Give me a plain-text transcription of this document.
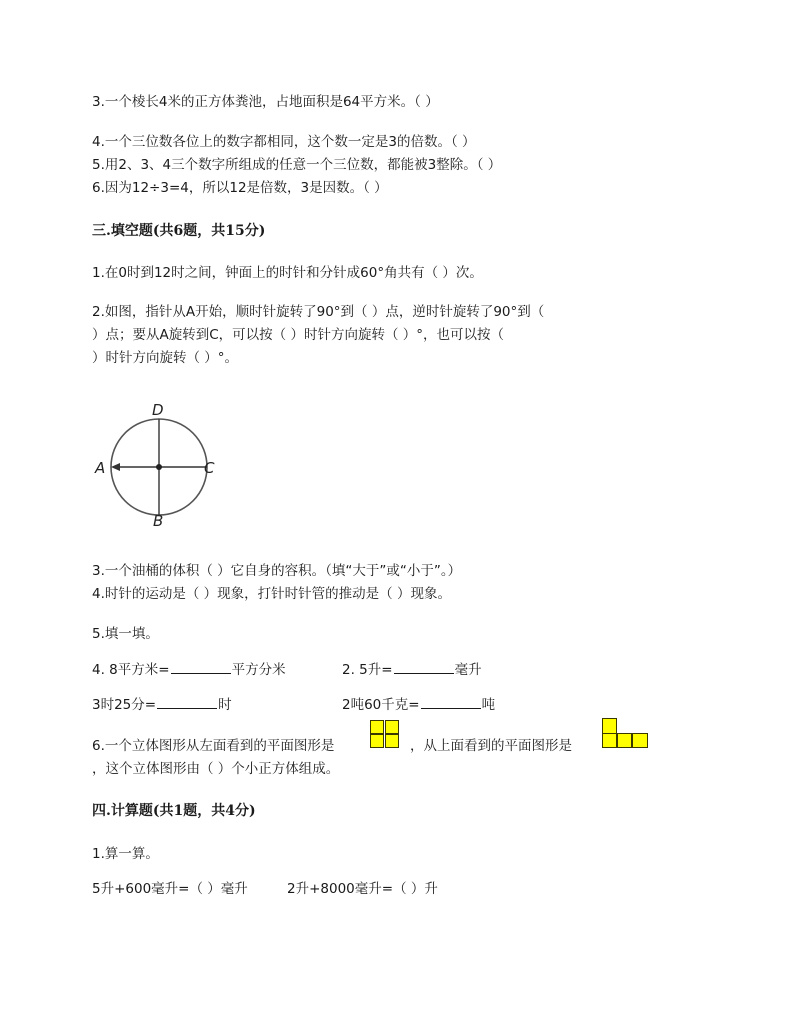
3.一个棱长4米的正方体粪池，占地面积是64平方米。（ ）
4.一个三位数各位上的数字都相同，这个数一定是3的倍数。（ ）
5.用2、3、4三个数字所组成的任意一个三位数，都能被3整除。（ ）
6.因为12÷3=4，所以12是倍数，3是因数。（ ）
三.填空题(共6题，共15分)
1.在0时到12时之间，钟面上的时针和分针成60°角共有（ ）次。
2.如图，指针从A开始，顺时针旋转了90°到（ ）点，逆时针旋转了90°到（
）点；要从A旋转到C，可以按（ ）时针方向旋转（ ）°，也可以按（
）时针方向旋转（ ）°。
D
A	C
B
3.一个油桶的体积（ ）它自身的容积。（填“大于”或“小于”。）
4.时针的运动是（ ）现象，打针时针管的推动是（ ）现象。
5.填一填。
4. 8平方米=	平方分米	2. 5升=	毫升
3时25分=	时	2吨60千克=	吨
6.一个立体图形从左面看到的平面图形是	，从上面看到的平面图形是
，这个立体图形由（ ）个小正方体组成。
四.计算题(共1题，共4分)
1.算一算。
5升+600毫升=（ ）毫升	2升+8000毫升=（ ）升
